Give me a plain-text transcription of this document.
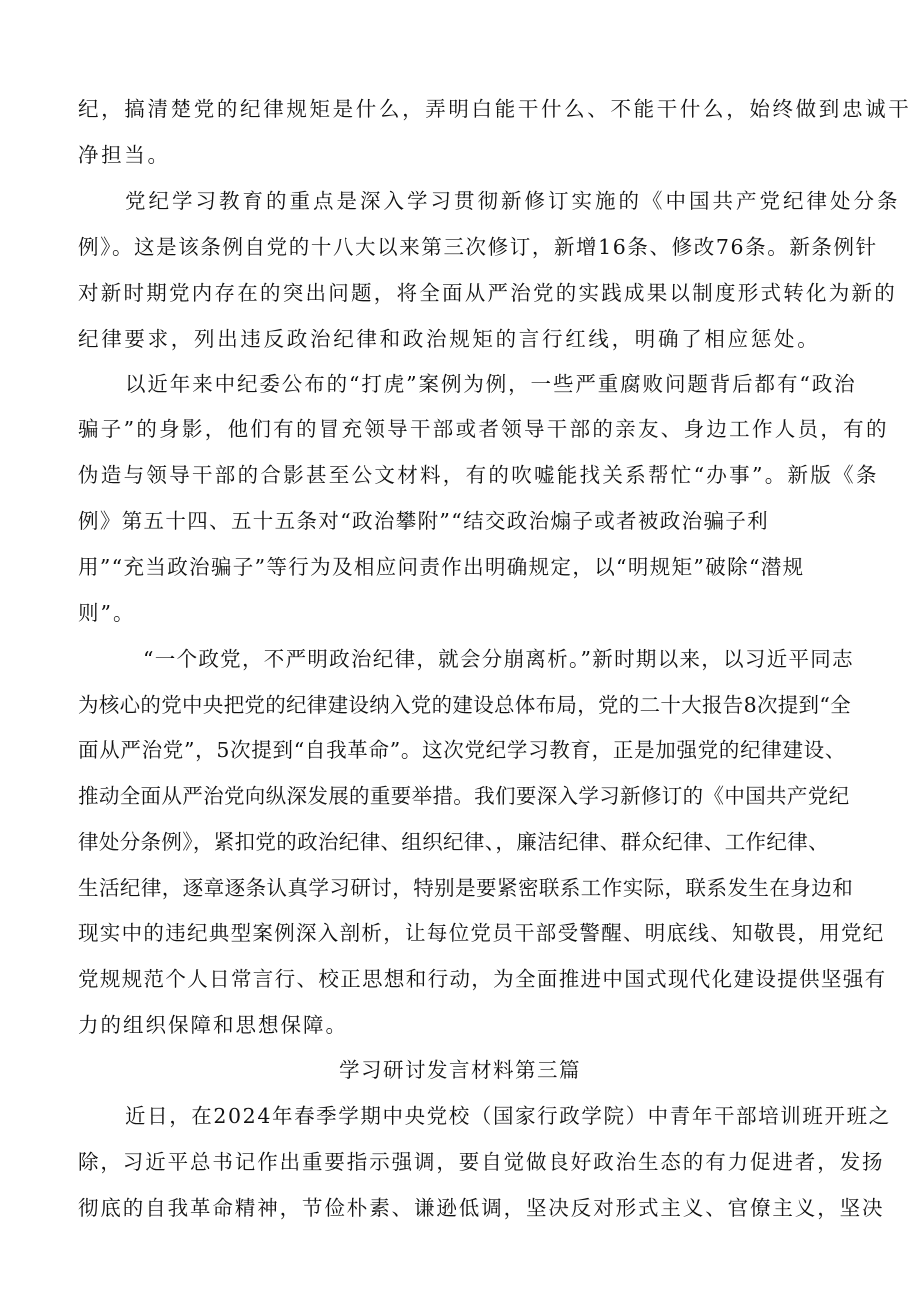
纪，搞清楚党的纪律规矩是什么，弄明白能干什么、不能干什么，始终做到忠诚干

净担当。

党纪学习教育的重点是深入学习贯彻新修订实施的《中国共产党纪律处分条

例》。这是该条例自党的十八大以来第三次修订，新增16条、修改76条。新条例针

对新时期党内存在的突出问题，将全面从严治党的实践成果以制度形式转化为新的

纪律要求，列出违反政治纪律和政治规矩的言行红线，明确了相应惩处。

以近年来中纪委公布的“打虎”案例为例，一些严重腐败问题背后都有“政治

骗子”的身影，他们有的冒充领导干部或者领导干部的亲友、身边工作人员，有的

伪造与领导干部的合影甚至公文材料，有的吹嘘能找关系帮忙“办事”。新版《条

例》第五十四、五十五条对“政治攀附”“结交政治煽子或者被政治骗子利

用”“充当政治骗子”等行为及相应问责作出明确规定，以“明规矩”破除“潜规

则”。

“一个政党，不严明政治纪律，就会分崩离析。”新时期以来，以习近平同志

为核心的党中央把党的纪律建设纳入党的建设总体布局，党的二十大报告8次提到“全

面从严治党”，5次提到“自我革命”。这次党纪学习教育，正是加强党的纪律建设、

推动全面从严治党向纵深发展的重要举措。我们要深入学习新修订的《中国共产党纪

律处分条例》，紧扣党的政治纪律、组织纪律、，廉洁纪律、群众纪律、工作纪律、

生活纪律，逐章逐条认真学习研讨，特别是要紧密联系工作实际，联系发生在身边和

现实中的违纪典型案例深入剖析，让每位党员干部受警醒、明底线、知敬畏，用党纪

党规规范个人日常言行、校正思想和行动，为全面推进中国式现代化建设提供坚强有

力的组织保障和思想保障。

学习研讨发言材料第三篇

近日，在2024年春季学期中央党校（国家行政学院）中青年干部培训班开班之

除，习近平总书记作出重要指示强调，要自觉做良好政治生态的有力促进者，发扬

彻底的自我革命精神，节俭朴素、谦逊低调，坚决反对形式主义、官僚主义，坚决
